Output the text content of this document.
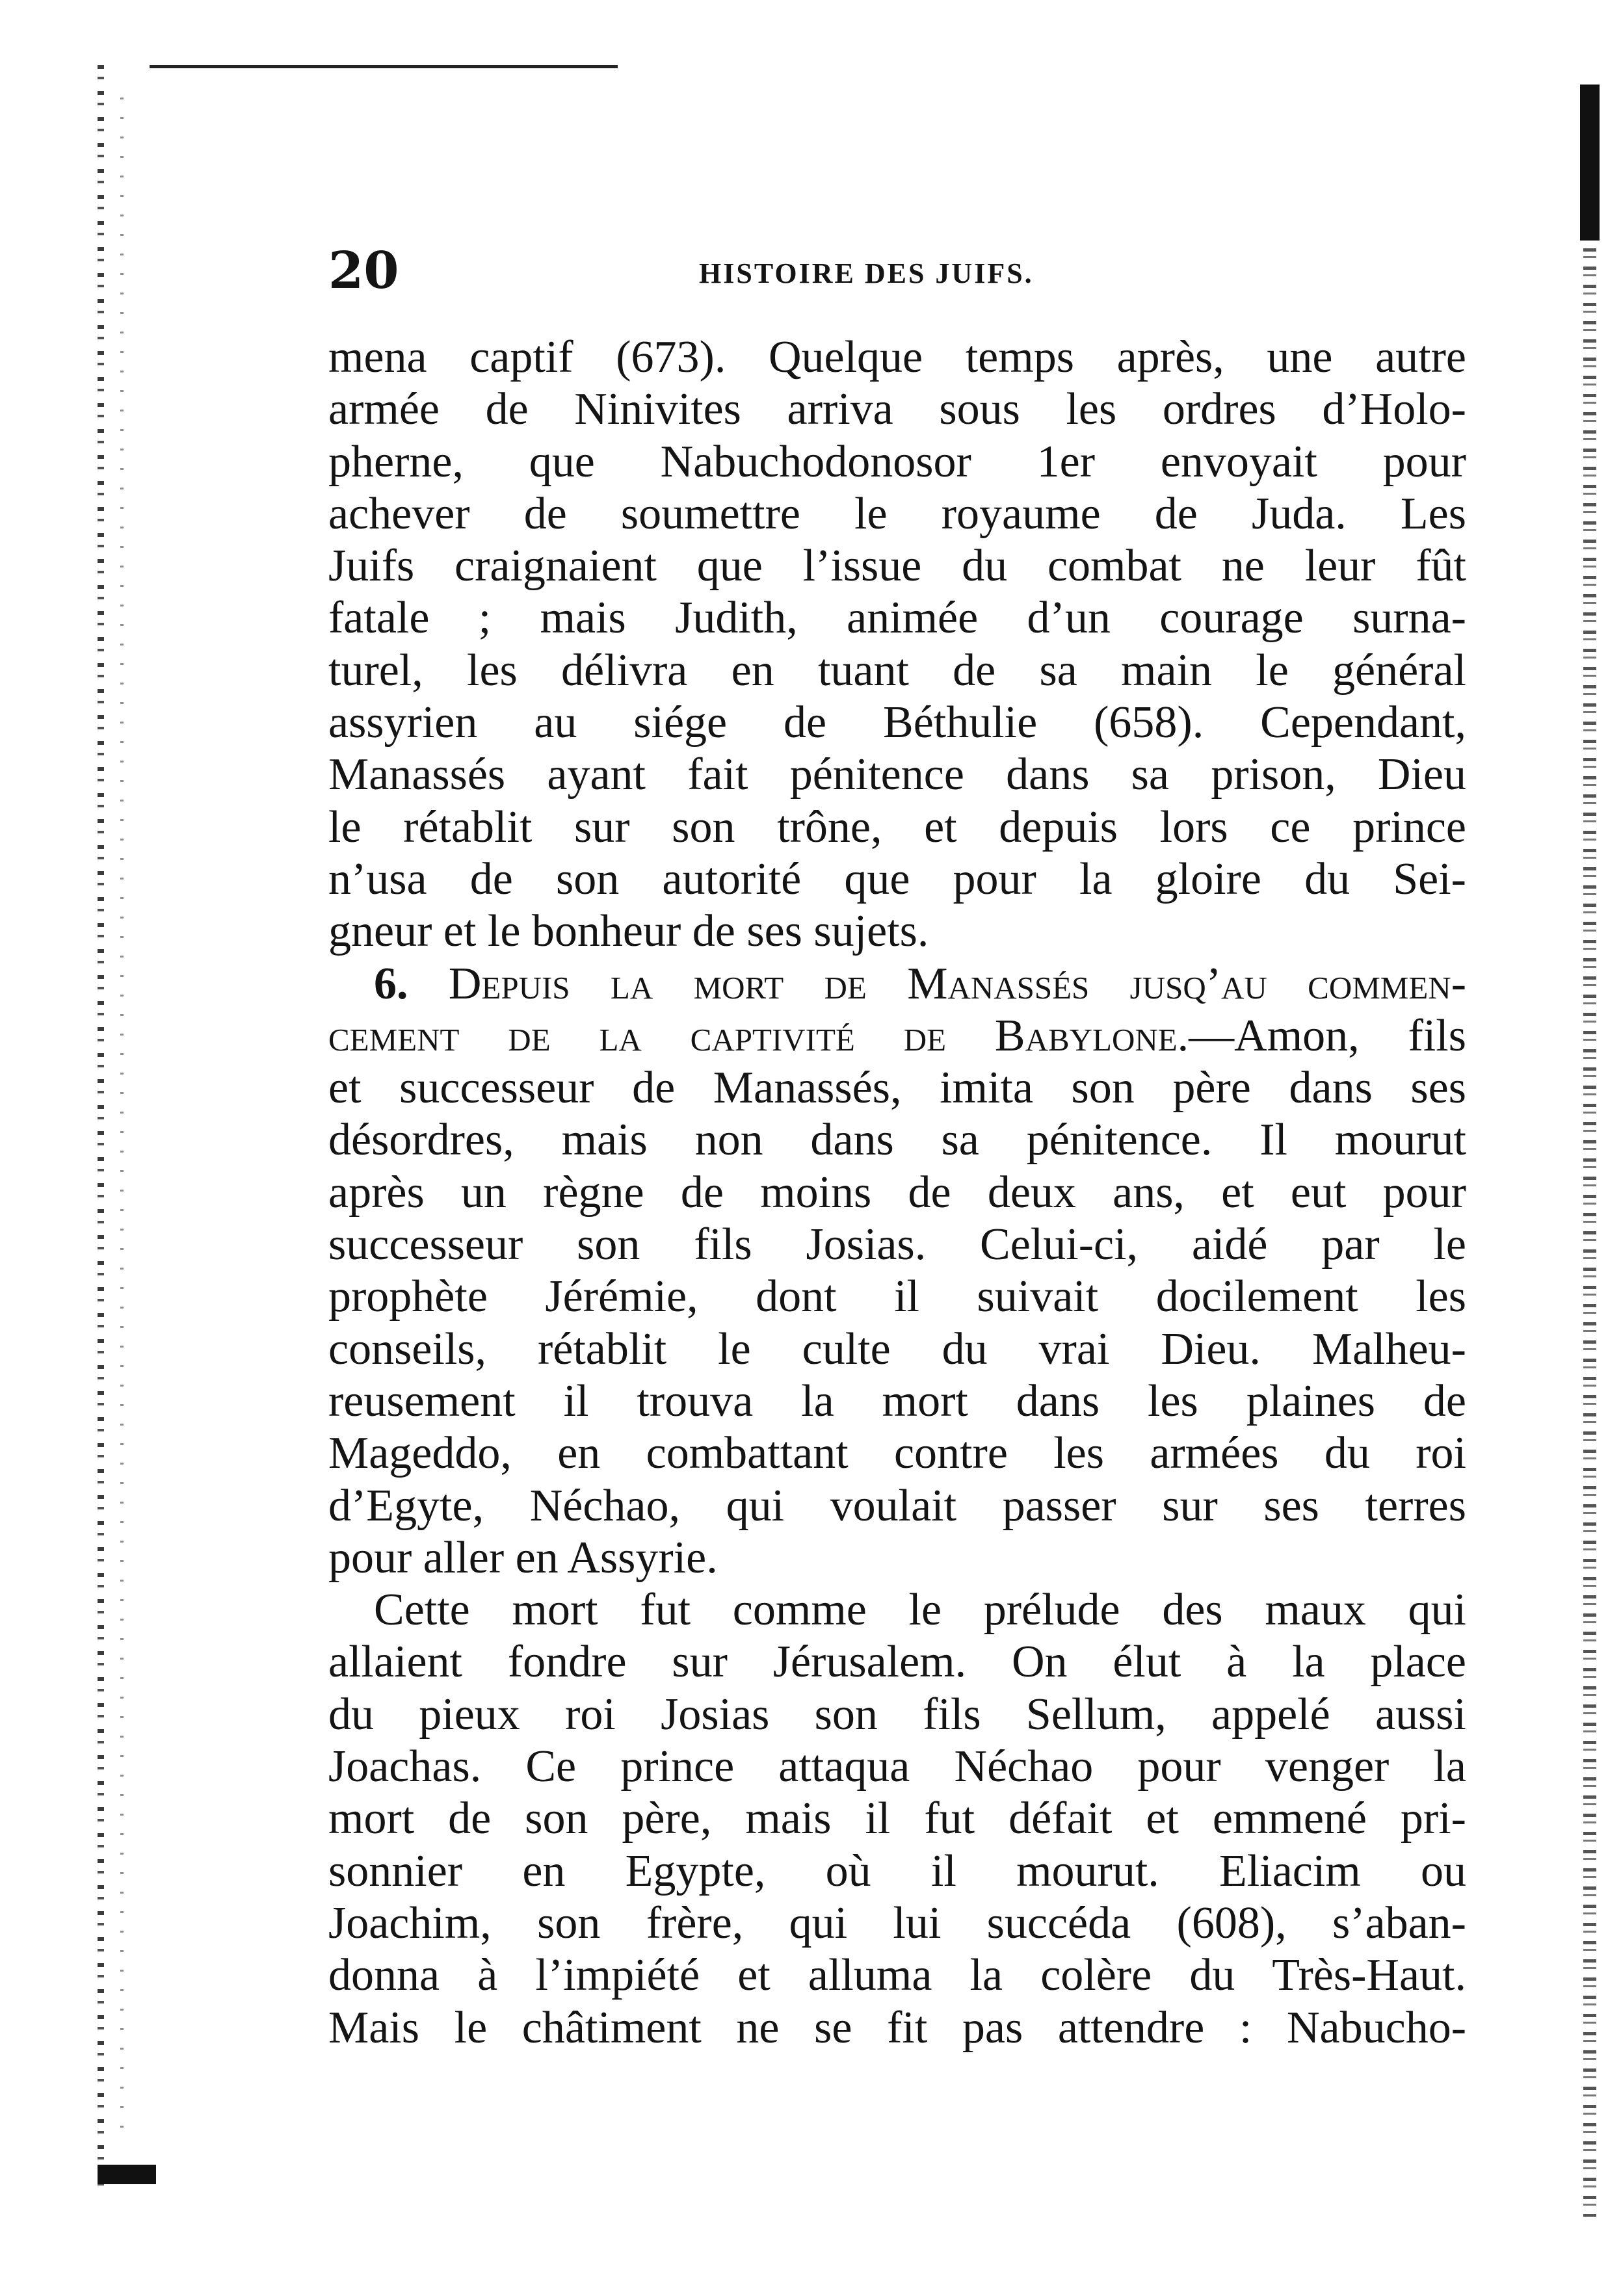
20	HISTOIRE DES JUIFS.
mena captif (673). Quelque temps après, une autre
armée de Ninivites arriva sous les ordres d’Holo-
pherne, que Nabuchodonosor 1er envoyait pour
achever de soumettre le royaume de Juda. Les
Juifs craignaient que l’issue du combat ne leur fût
fatale ; mais Judith, animée d’un courage surna-
turel, les délivra en tuant de sa main le général
assyrien au siége de Béthulie (658). Cependant,
Manassés ayant fait pénitence dans sa prison, Dieu
le rétablit sur son trône, et depuis lors ce prince
n’usa de son autorité que pour la gloire du Sei-
gneur et le bonheur de ses sujets.
6. Depuis la mort de Manassés jusq’au commen-
cement de la captivité de Babylone.—Amon, fils
et successeur de Manassés, imita son père dans ses
désordres, mais non dans sa pénitence. Il mourut
après un règne de moins de deux ans, et eut pour
successeur son fils Josias. Celui-ci, aidé par le
prophète Jérémie, dont il suivait docilement les
conseils, rétablit le culte du vrai Dieu. Malheu-
reusement il trouva la mort dans les plaines de
Mageddo, en combattant contre les armées du roi
d’Egyte, Néchao, qui voulait passer sur ses terres
pour aller en Assyrie.
Cette mort fut comme le prélude des maux qui
allaient fondre sur Jérusalem. On élut à la place
du pieux roi Josias son fils Sellum, appelé aussi
Joachas. Ce prince attaqua Néchao pour venger la
mort de son père, mais il fut défait et emmené pri-
sonnier en Egypte, où il mourut. Eliacim ou
Joachim, son frère, qui lui succéda (608), s’aban-
donna à l’impiété et alluma la colère du Très-Haut.
Mais le châtiment ne se fit pas attendre : Nabucho-
